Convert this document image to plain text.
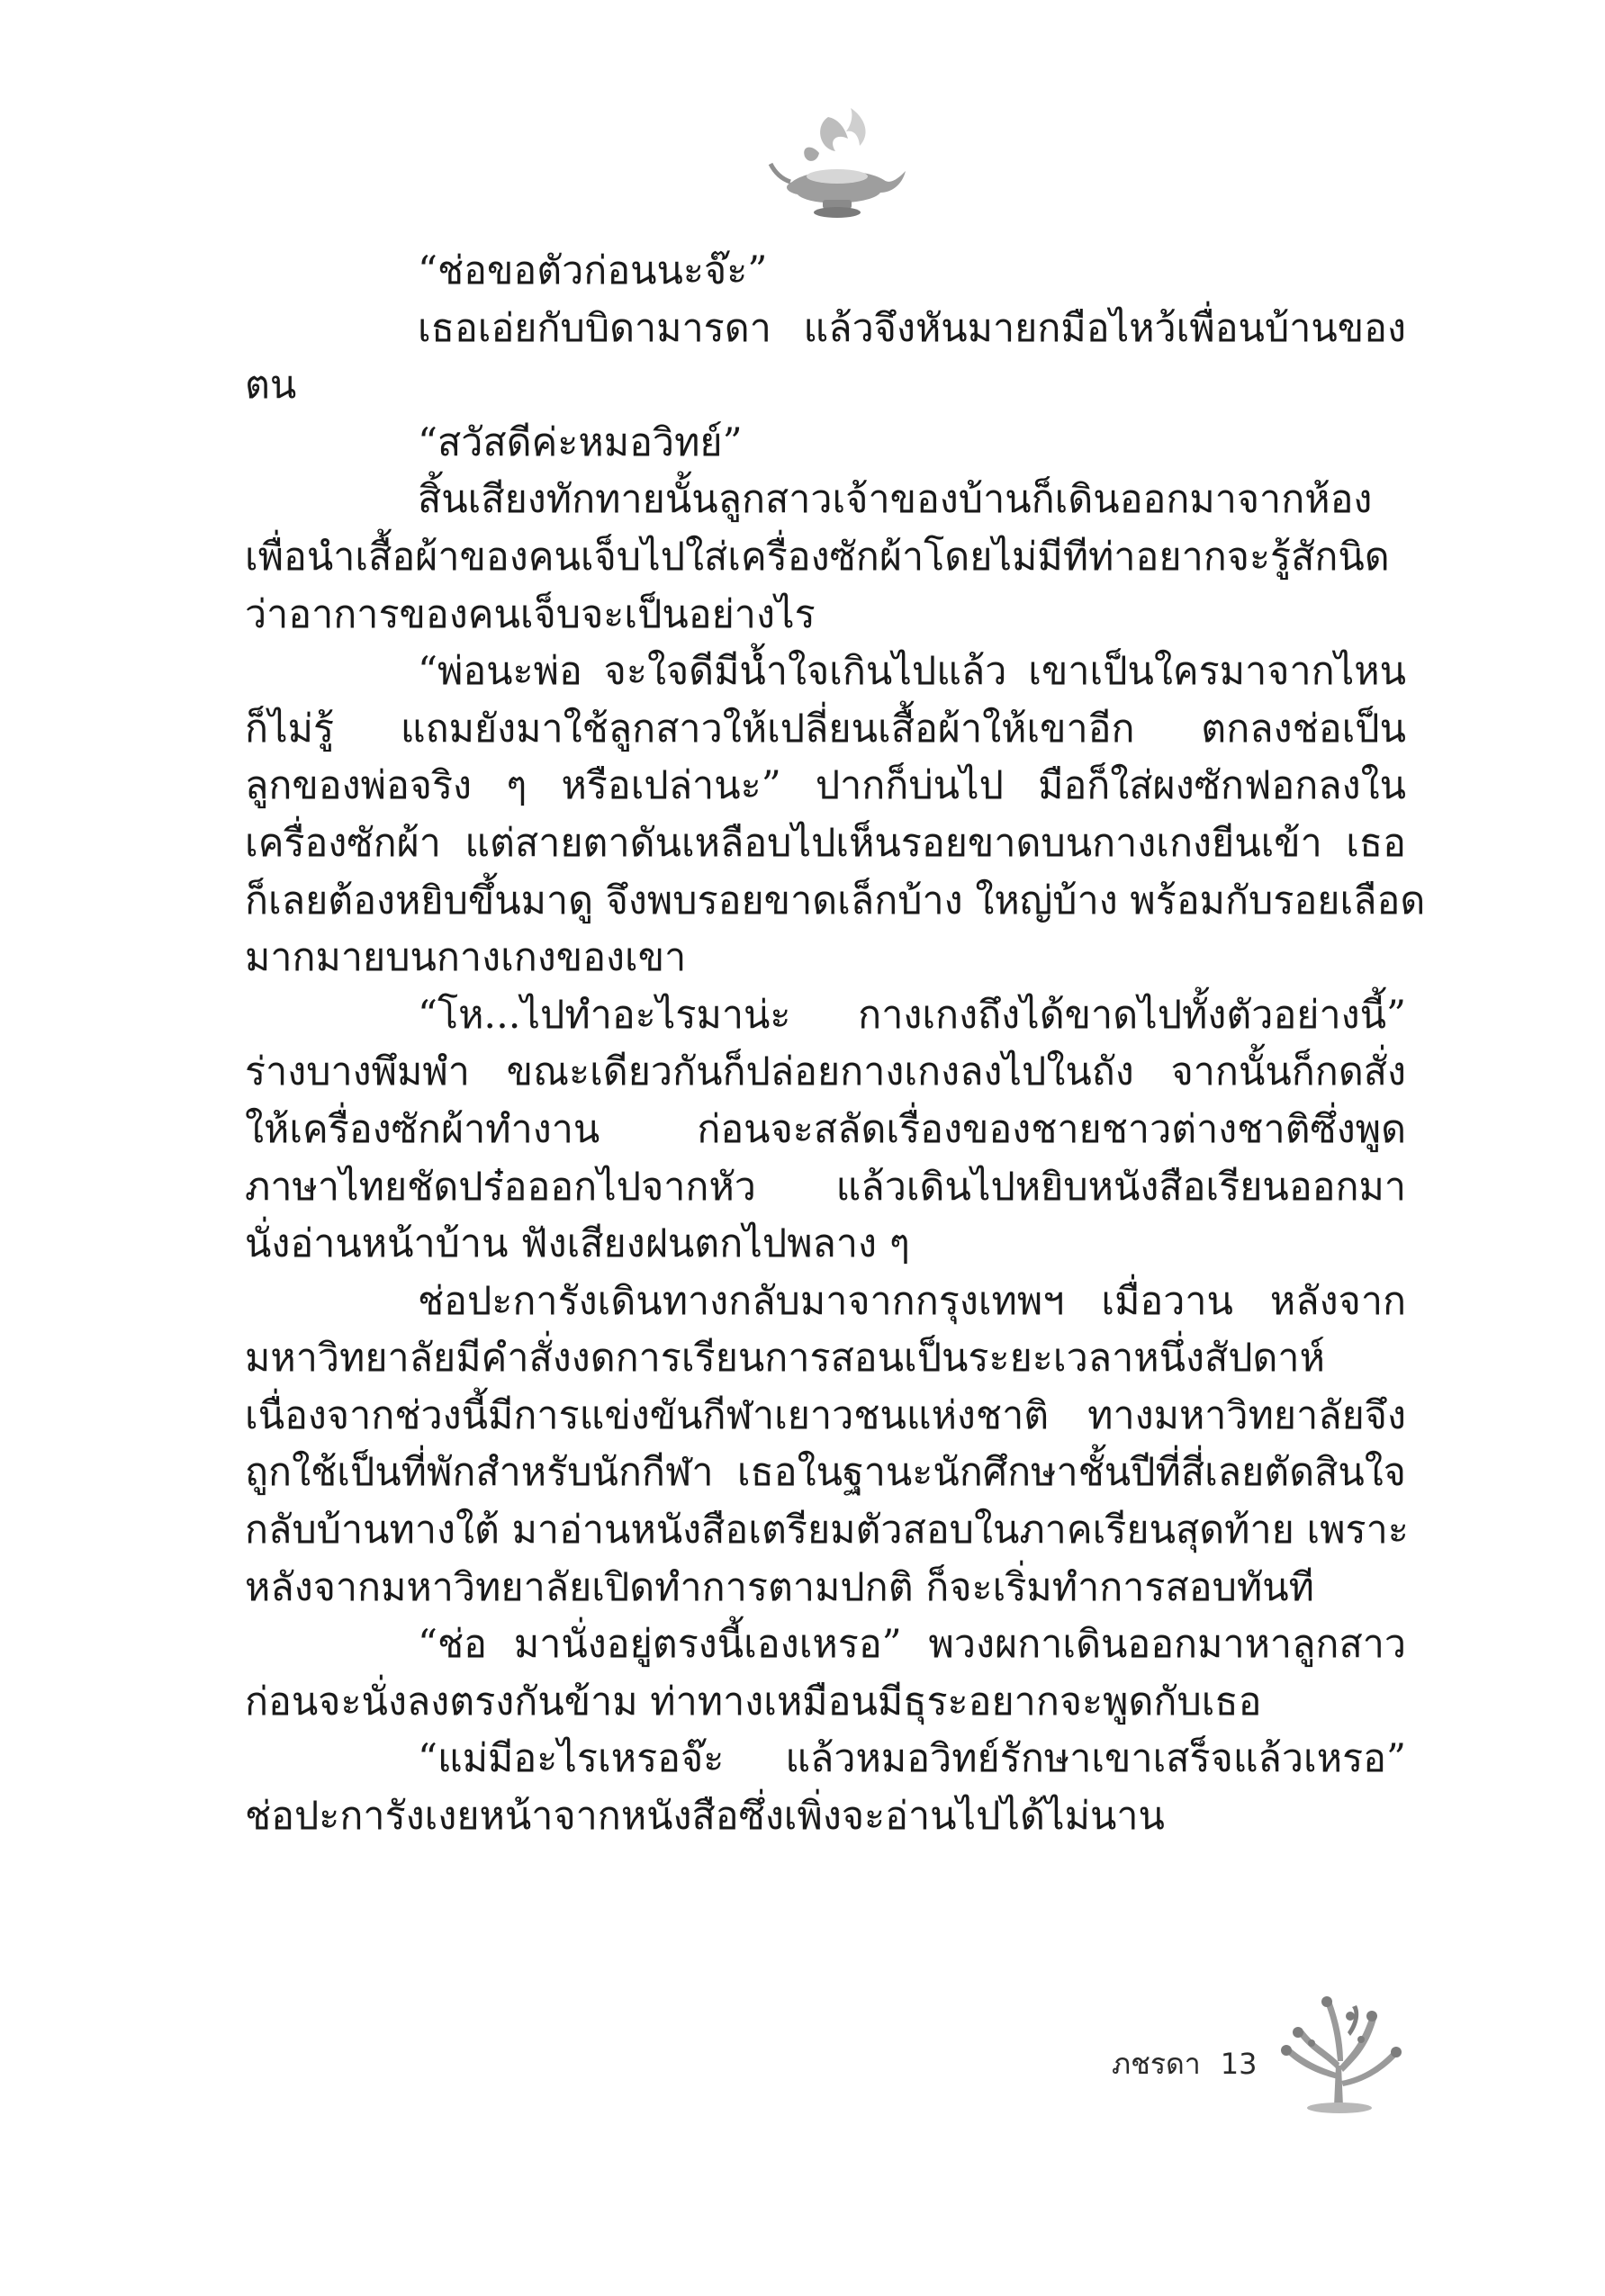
“ช่อขอตัวก่อนนะจ๊ะ”
เธอเอ่ยกับบิดามารดา แล้วจึงหันมายกมือไหว้เพื่อนบ้านของ
ตน
“สวัสดีค่ะหมอวิทย์”
สิ้นเสียงทักทายนั้นลูกสาวเจ้าของบ้านก็เดินออกมาจากห้อง
เพื่อนำเสื้อผ้าของคนเจ็บไปใส่เครื่องซักผ้าโดยไม่มีทีท่าอยากจะรู้สักนิด
ว่าอาการของคนเจ็บจะเป็นอย่างไร
“พ่อนะพ่อ จะใจดีมีน้ำใจเกินไปแล้ว เขาเป็นใครมาจากไหน
ก็ไม่รู้ แถมยังมาใช้ลูกสาวให้เปลี่ยนเสื้อผ้าให้เขาอีก ตกลงช่อเป็น
ลูกของพ่อจริง ๆ หรือเปล่านะ” ปากก็บ่นไป มือก็ใส่ผงซักฟอกลงใน
เครื่องซักผ้า แต่สายตาดันเหลือบไปเห็นรอยขาดบนกางเกงยีนเข้า เธอ
ก็เลยต้องหยิบขึ้นมาดู จึงพบรอยขาดเล็กบ้าง ใหญ่บ้าง พร้อมกับรอยเลือด
มากมายบนกางเกงของเขา
“โห...ไปทำอะไรมาน่ะ กางเกงถึงได้ขาดไปทั้งตัวอย่างนี้”
ร่างบางพึมพำ ขณะเดียวกันก็ปล่อยกางเกงลงไปในถัง จากนั้นก็กดสั่ง
ให้เครื่องซักผ้าทำงาน ก่อนจะสลัดเรื่องของชายชาวต่างชาติซึ่งพูด
ภาษาไทยชัดปร๋อออกไปจากหัว แล้วเดินไปหยิบหนังสือเรียนออกมา
นั่งอ่านหน้าบ้าน ฟังเสียงฝนตกไปพลาง ๆ
ช่อปะการังเดินทางกลับมาจากกรุงเทพฯ เมื่อวาน หลังจาก
มหาวิทยาลัยมีคำสั่งงดการเรียนการสอนเป็นระยะเวลาหนึ่งสัปดาห์
เนื่องจากช่วงนี้มีการแข่งขันกีฬาเยาวชนแห่งชาติ ทางมหาวิทยาลัยจึง
ถูกใช้เป็นที่พักสำหรับนักกีฬา เธอในฐานะนักศึกษาชั้นปีที่สี่เลยตัดสินใจ
กลับบ้านทางใต้ มาอ่านหนังสือเตรียมตัวสอบในภาคเรียนสุดท้าย เพราะ
หลังจากมหาวิทยาลัยเปิดทำการตามปกติ ก็จะเริ่มทำการสอบทันที
“ช่อ มานั่งอยู่ตรงนี้เองเหรอ” พวงผกาเดินออกมาหาลูกสาว
ก่อนจะนั่งลงตรงกันข้าม ท่าทางเหมือนมีธุระอยากจะพูดกับเธอ
“แม่มีอะไรเหรอจ๊ะ แล้วหมอวิทย์รักษาเขาเสร็จแล้วเหรอ”
ช่อปะการังเงยหน้าจากหนังสือซึ่งเพิ่งจะอ่านไปได้ไม่นาน
ภชรดา 13
